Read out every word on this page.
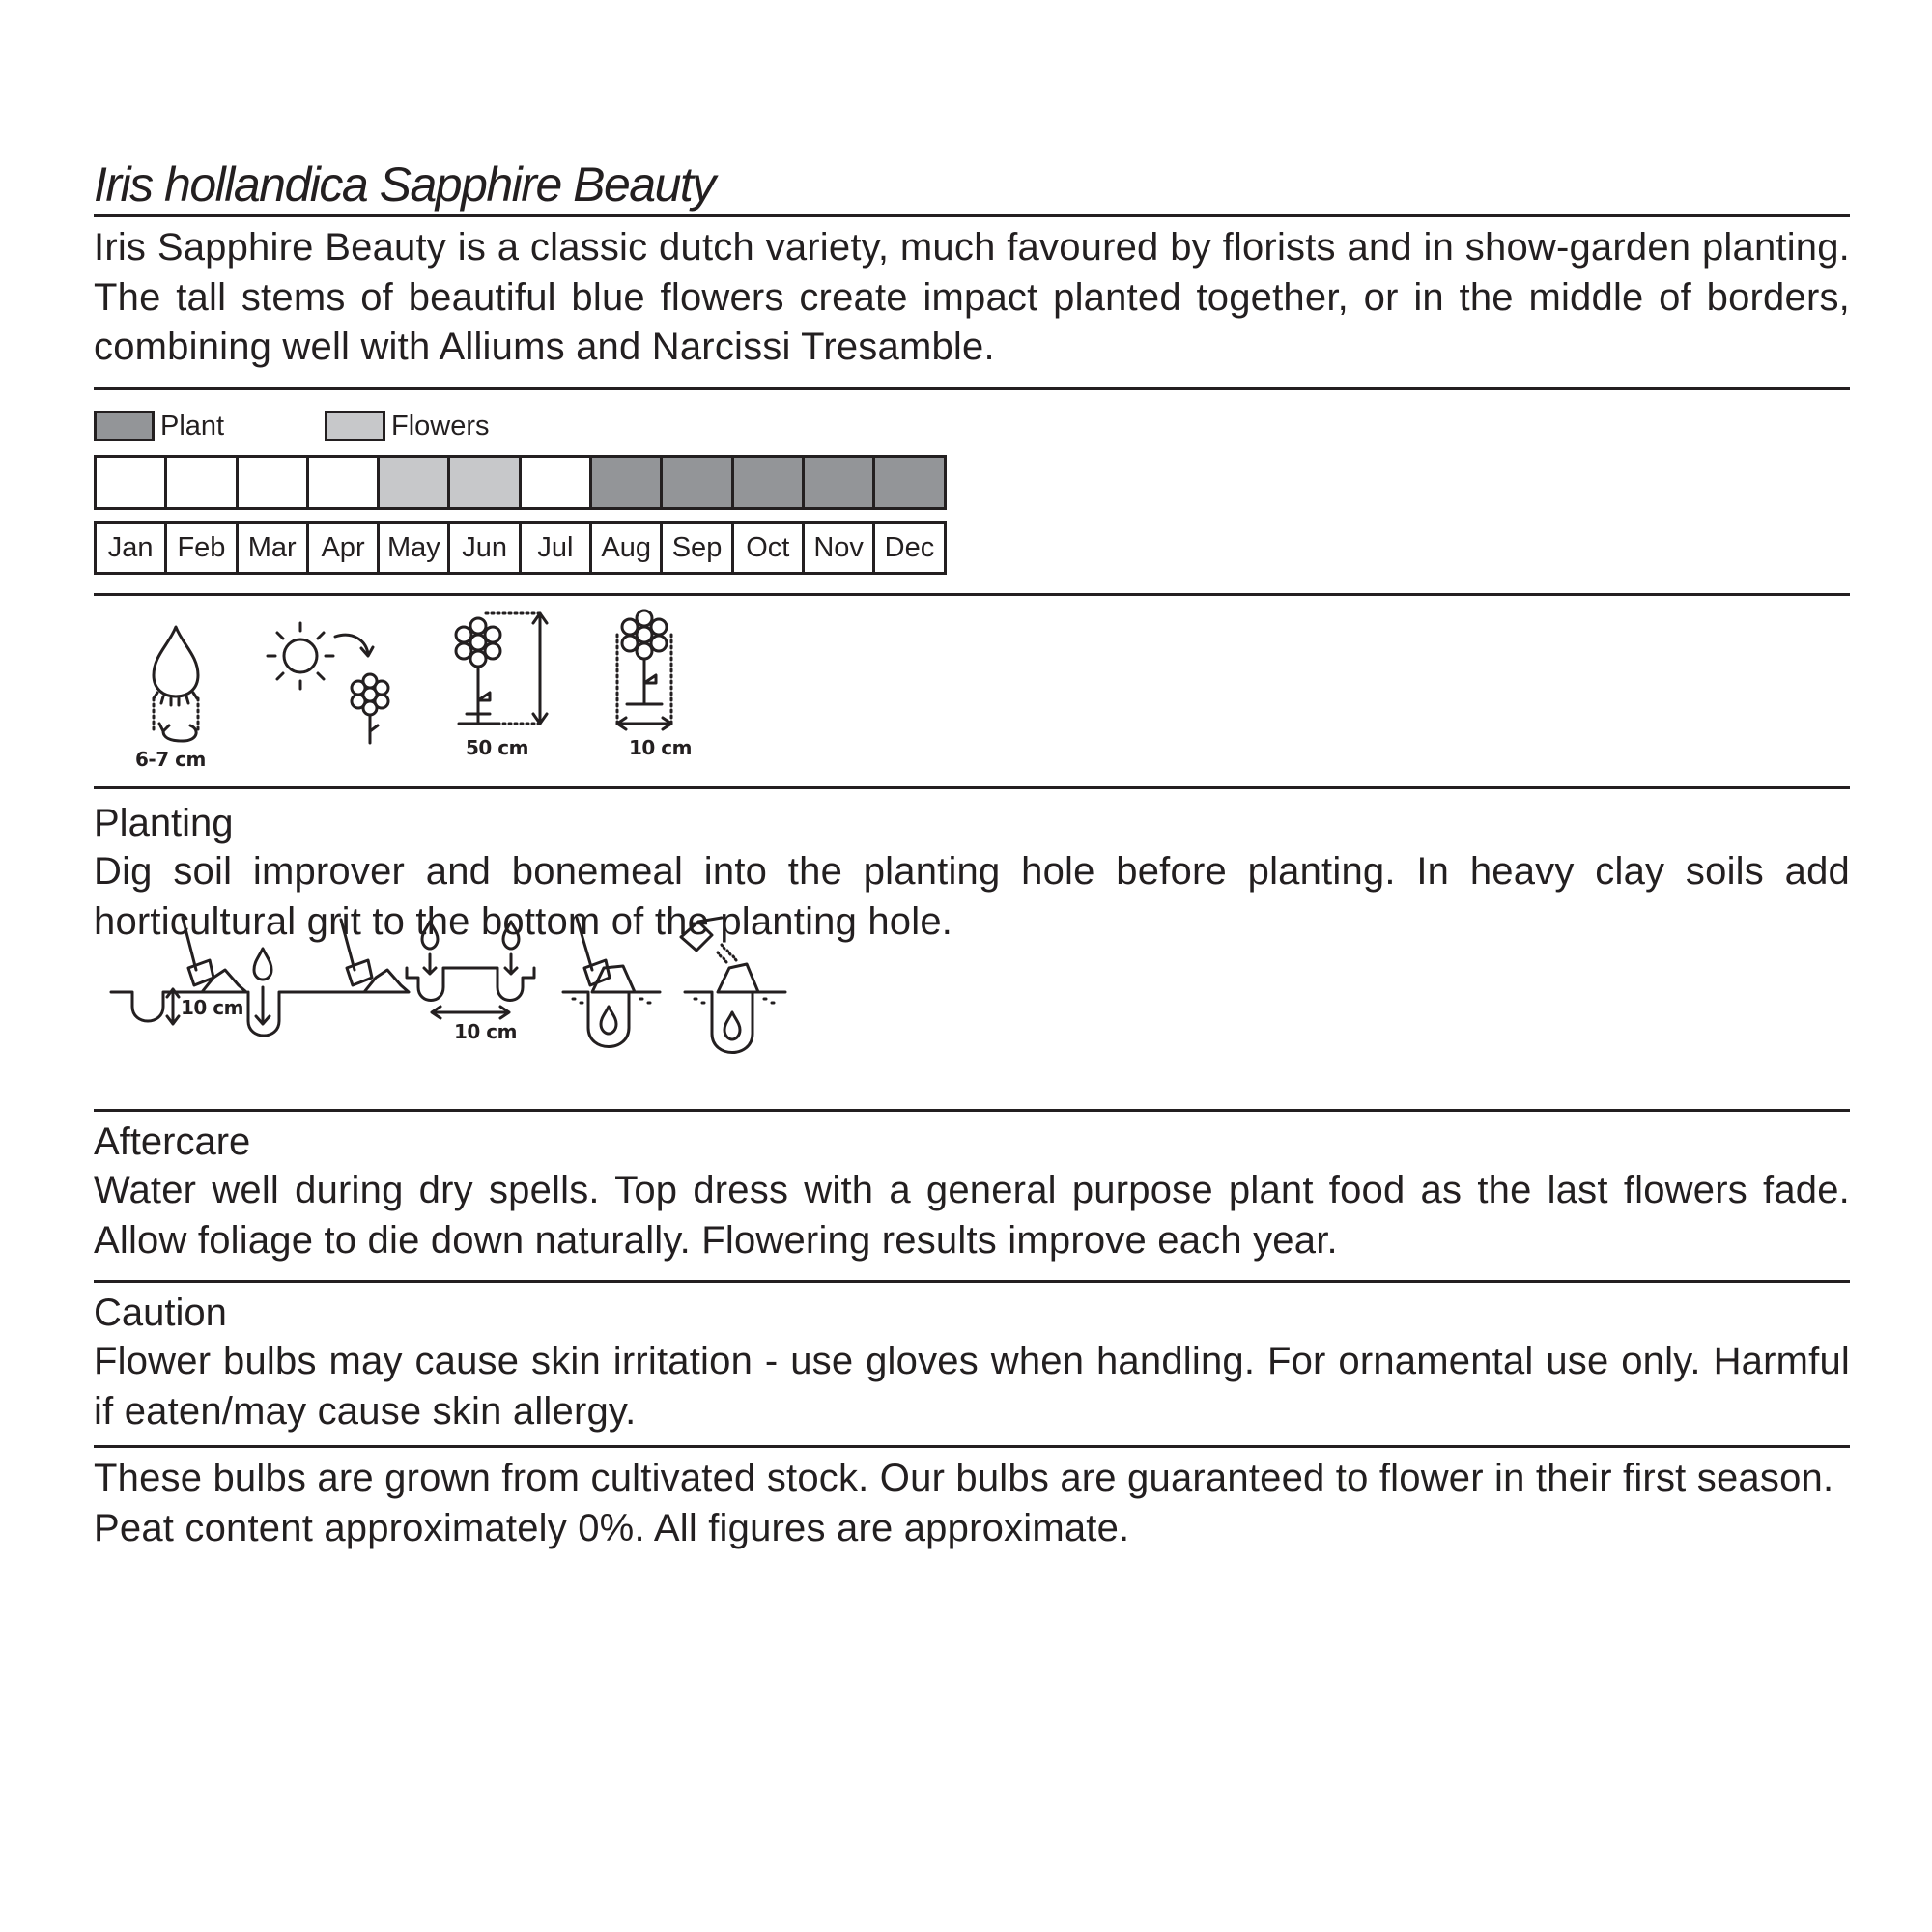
Iris hollandica Sapphire Beauty
Iris Sapphire Beauty is a classic dutch variety, much favoured by florists and in show-garden planting. The tall stems of beautiful blue flowers create impact planted together, or in the middle of borders, combining well with Alliums and Narcissi Tresamble.
Plant	Flowers
Jan Feb Mar Apr May Jun	Jul Aug Sep Oct Nov Dec
6-7 cm	50 cm	10 cm
Planting
Dig soil improver and bonemeal into the planting hole before planting. In heavy clay soils add horticultural grit to the bottom of the planting hole.
10 cm
10 cm
Aftercare
Water well during dry spells. Top dress with a general purpose plant food as the last flowers fade. Allow foliage to die down naturally. Flowering results improve each year.
Caution
Flower bulbs may cause skin irritation - use gloves when handling. For ornamental use only. Harmful if eaten/may cause skin allergy.
These bulbs are grown from cultivated stock. Our bulbs are guaranteed to flower in their first season. Peat content approximately 0%. All figures are approximate.
